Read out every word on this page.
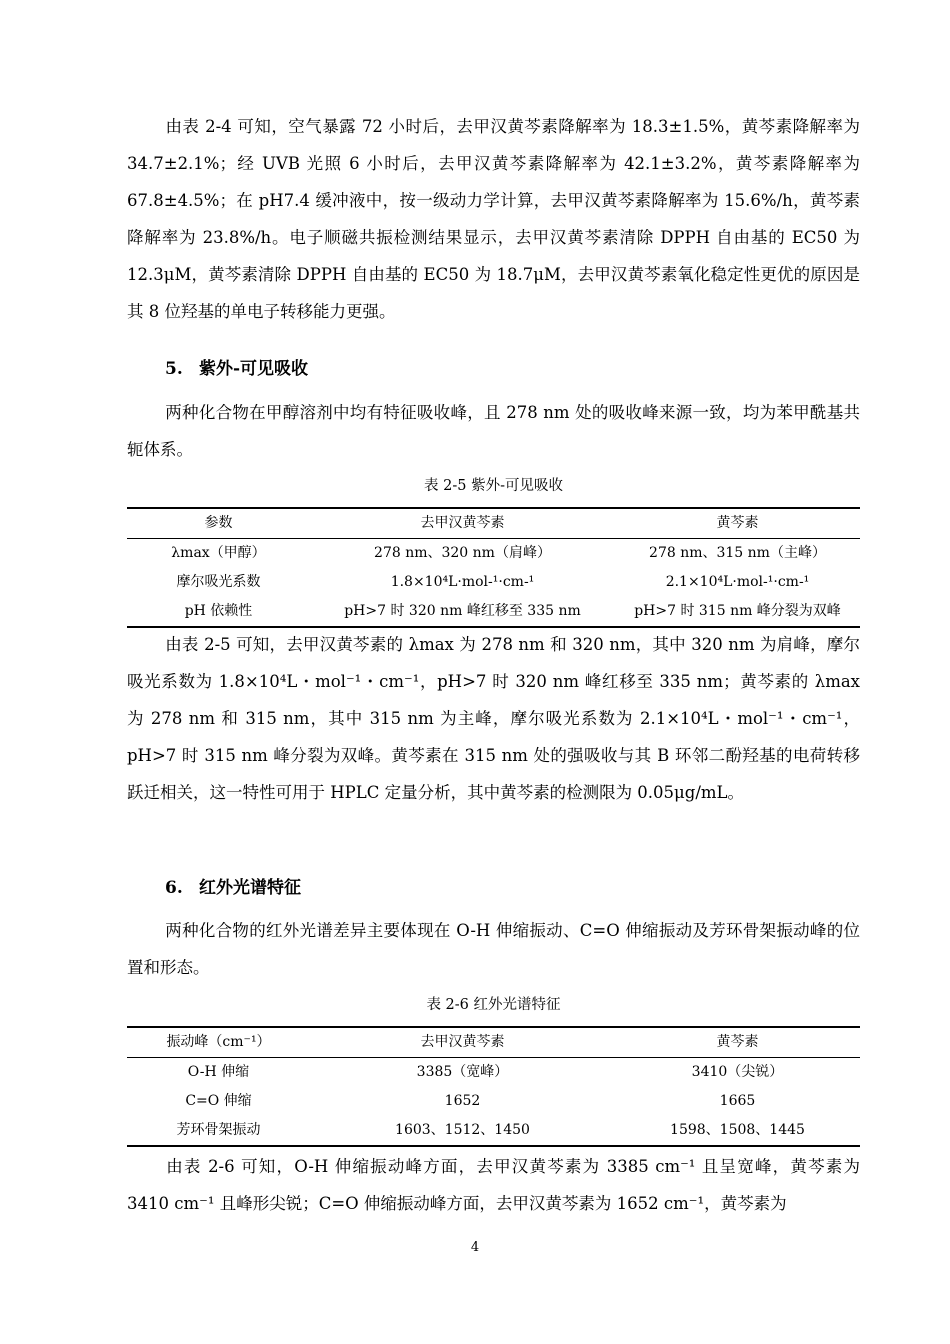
由表 2-4 可知，空气暴露 72 小时后，去甲汉黄芩素降解率为 18.3±1.5%，黄芩素降解率为 34.7±2.1%；经 UVB 光照 6 小时后，去甲汉黄芩素降解率为 42.1±3.2%，黄芩素降解率为 67.8±4.5%；在 pH7.4 缓冲液中，按一级动力学计算，去甲汉黄芩素降解率为 15.6%/h，黄芩素降解率为 23.8%/h。电子顺磁共振检测结果显示，去甲汉黄芩素清除 DPPH 自由基的 EC50 为 12.3μM，黄芩素清除 DPPH 自由基的 EC50 为 18.7μM，去甲汉黄芩素氧化稳定性更优的原因是其 8 位羟基的单电子转移能力更强。

5. 紫外-可见吸收

两种化合物在甲醇溶剂中均有特征吸收峰，且 278 nm 处的吸收峰来源一致，均为苯甲酰基共轭体系。

表 2-5 紫外-可见吸收

参数	去甲汉黄芩素	黄芩素
λmax（甲醇）	278 nm、320 nm（肩峰）	278 nm、315 nm（主峰）
摩尔吸光系数	1.8×10⁴L·mol-¹·cm-¹	2.1×10⁴L·mol-¹·cm-¹
pH 依赖性	pH>7 时 320 nm 峰红移至 335 nm	pH>7 时 315 nm 峰分裂为双峰

由表 2-5 可知，去甲汉黄芩素的 λmax 为 278 nm 和 320 nm，其中 320 nm 为肩峰，摩尔吸光系数为 1.8×10⁴L・mol⁻¹・cm⁻¹，pH>7 时 320 nm 峰红移至 335 nm；黄芩素的 λmax 为 278 nm 和 315 nm，其中 315 nm 为主峰，摩尔吸光系数为 2.1×10⁴L・mol⁻¹・cm⁻¹，pH>7 时 315 nm 峰分裂为双峰。黄芩素在 315 nm 处的强吸收与其 B 环邻二酚羟基的电荷转移跃迁相关，这一特性可用于 HPLC 定量分析，其中黄芩素的检测限为 0.05μg/mL。

6. 红外光谱特征

两种化合物的红外光谱差异主要体现在 O-H 伸缩振动、C=O 伸缩振动及芳环骨架振动峰的位置和形态。

表 2-6 红外光谱特征

振动峰（cm⁻¹）	去甲汉黄芩素	黄芩素
O-H 伸缩	3385（宽峰）	3410（尖锐）
C=O 伸缩	1652	1665
芳环骨架振动	1603、1512、1450	1598、1508、1445

由表 2-6 可知，O-H 伸缩振动峰方面，去甲汉黄芩素为 3385 cm⁻¹ 且呈宽峰，黄芩素为 3410 cm⁻¹ 且峰形尖锐；C=O 伸缩振动峰方面，去甲汉黄芩素为 1652 cm⁻¹，黄芩素为

4
